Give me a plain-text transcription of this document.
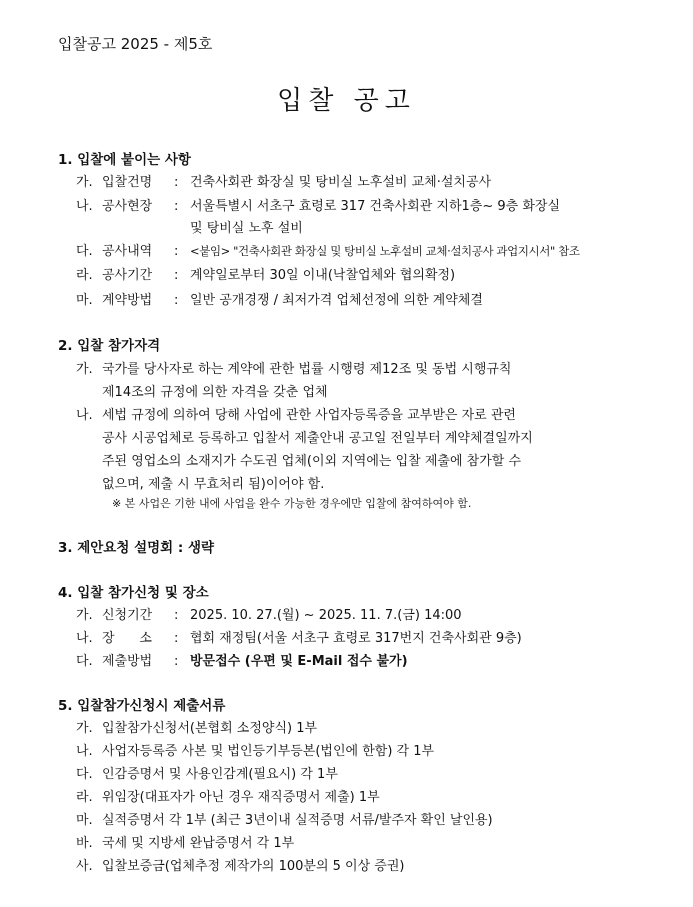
입찰공고 2025 - 제5호
입찰 공고
1. 입찰에 붙이는 사항
가. 입찰건명 : 건축사회관 화장실 및 탕비실 노후설비 교체·설치공사
나. 공사현장 : 서울특별시 서초구 효령로 317 건축사회관 지하1층~ 9층 화장실
및 탕비실 노후 설비
다. 공사내역 : <붙임> "건축사회관 화장실 및 탕비실 노후설비 교체·설치공사 과업지시서" 참조
라. 공사기간 : 계약일로부터 30일 이내(낙찰업체와 협의확정)
마. 계약방법 : 일반 공개경쟁 / 최저가격 업체선정에 의한 계약체결
2. 입찰 참가자격
가. 국가를 당사자로 하는 계약에 관한 법률 시행령 제12조 및 동법 시행규칙
제14조의 규정에 의한 자격을 갖춘 업체
나. 세법 규정에 의하여 당해 사업에 관한 사업자등록증을 교부받은 자로 관련
공사 시공업체로 등록하고 입찰서 제출안내 공고일 전일부터 계약체결일까지
주된 영업소의 소재지가 수도권 업체(이외 지역에는 입찰 제출에 참가할 수
없으며, 제출 시 무효처리 됨)이어야 함.
※ 본 사업은 기한 내에 사업을 완수 가능한 경우에만 입찰에 참여하여야 함.
3. 제안요청 설명회 : 생략
4. 입찰 참가신청 및 장소
가. 신청기간 : 2025. 10. 27.(월) ~ 2025. 11. 7.(금) 14:00
나. 장      소 : 협회 재정팀(서울 서초구 효령로 317번지 건축사회관 9층)
다. 제출방법 : 방문접수 (우편 및 E-Mail 접수 불가)
5. 입찰참가신청시 제출서류
가. 입찰참가신청서(본협회 소정양식) 1부
나. 사업자등록증 사본 및 법인등기부등본(법인에 한함) 각 1부
다. 인감증명서 및 사용인감계(필요시) 각 1부
라. 위임장(대표자가 아닌 경우 재직증명서 제출) 1부
마. 실적증명서 각 1부 (최근 3년이내 실적증명 서류/발주자 확인 날인용)
바. 국세 및 지방세 완납증명서 각 1부
사. 입찰보증금(업체추정 제작가의 100분의 5 이상 증권)
